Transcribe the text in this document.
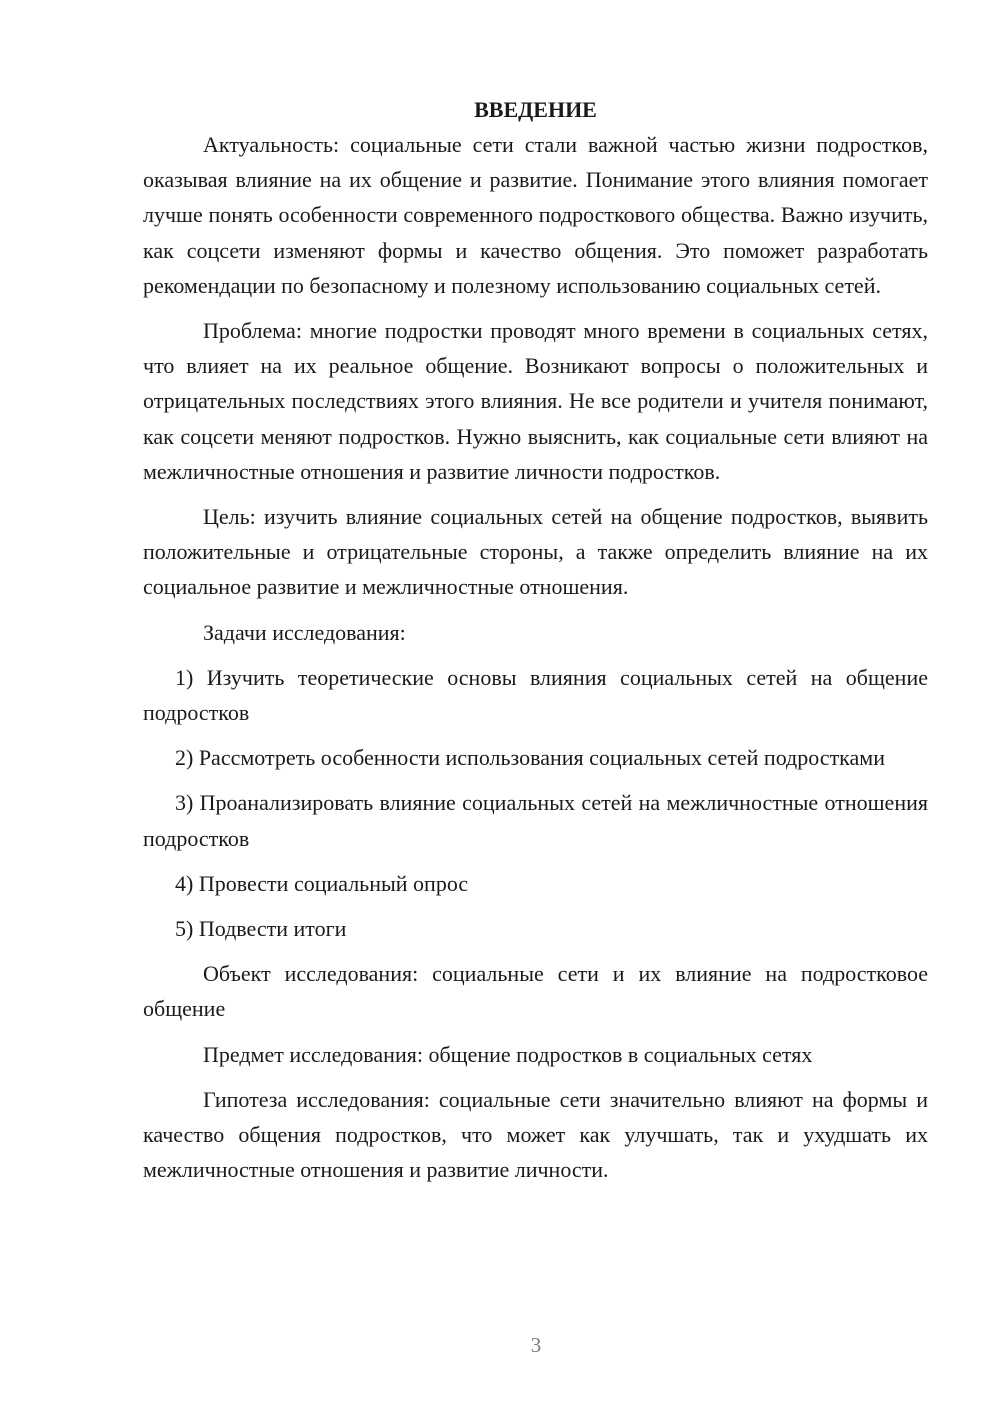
ВВЕДЕНИЕ

Актуальность: социальные сети стали важной частью жизни подростков, оказывая влияние на их общение и развитие. Понимание этого влияния помогает лучше понять особенности современного подросткового общества. Важно изучить, как соцсети изменяют формы и качество общения. Это поможет разработать рекомендации по безопасному и полезному использованию социальных сетей.

Проблема: многие подростки проводят много времени в социальных сетях, что влияет на их реальное общение. Возникают вопросы о положительных и отрицательных последствиях этого влияния. Не все родители и учителя понимают, как соцсети меняют подростков. Нужно выяснить, как социальные сети влияют на межличностные отношения и развитие личности подростков.

Цель: изучить влияние социальных сетей на общение подростков, выявить положительные и отрицательные стороны, а также определить влияние на их социальное развитие и межличностные отношения.

Задачи исследования:

1) Изучить теоретические основы влияния социальных сетей на общение подростков

2) Рассмотреть особенности использования социальных сетей подростками

3) Проанализировать влияние социальных сетей на межличностные отношения подростков

4) Провести социальный опрос

5) Подвести итоги

Объект исследования: социальные сети и их влияние на подростковое общение

Предмет исследования: общение подростков в социальных сетях

Гипотеза исследования: социальные сети значительно влияют на формы и качество общения подростков, что может как улучшать, так и ухудшать их межличностные отношения и развитие личности.

3
